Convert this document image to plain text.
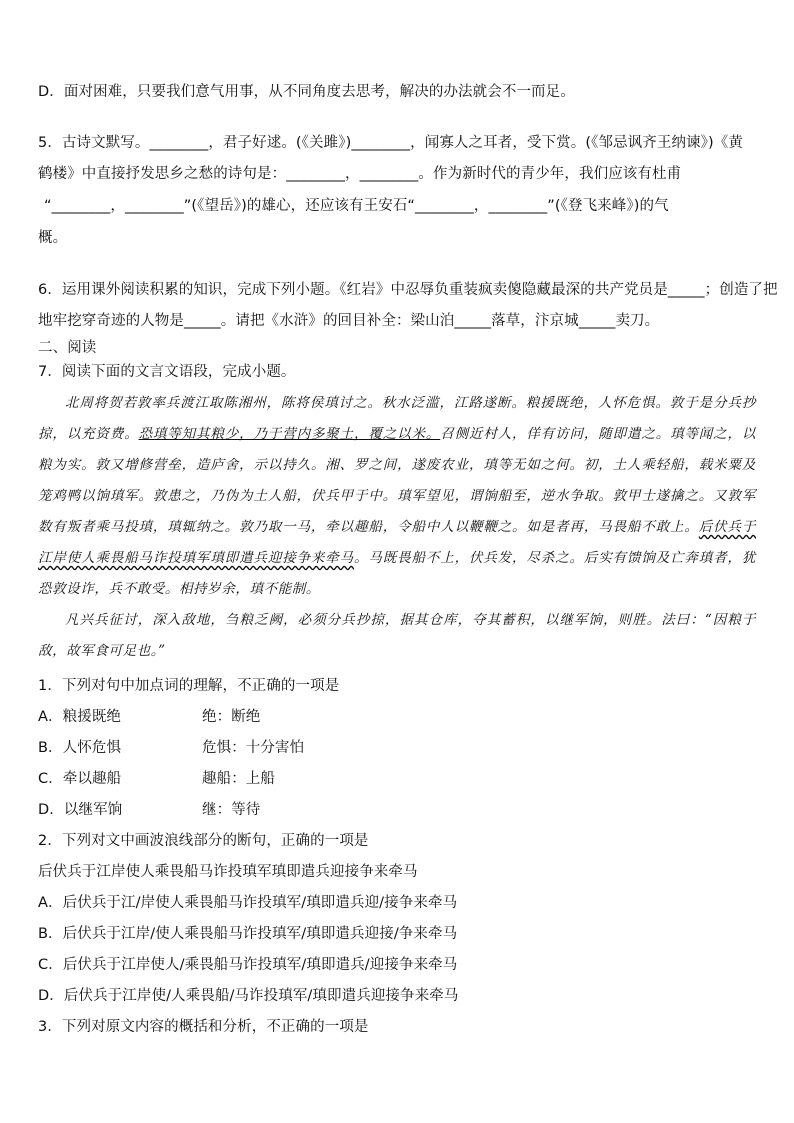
D．面对困难，只要我们意气用事，从不同角度去思考，解决的办法就会不一而足。
5．古诗文默写。________，君子好逑。(《关雎》)________，闻寡人之耳者，受下赏。(《邹忌讽齐王纳谏》)《黄
鹤楼》中直接抒发思乡之愁的诗句是：________，________。作为新时代的青少年，我们应该有杜甫
“________，________”(《望岳》)的雄心，还应该有王安石“________，________”(《登飞来峰》)的气
概。
6．运用课外阅读积累的知识，完成下列小题。《红岩》中忍辱负重装疯卖傻隐藏最深的共产党员是_____；创造了把
地牢挖穿奇迹的人物是_____。请把《水浒》的回目补全：梁山泊_____落草，汴京城_____卖刀。
二、阅读
7．阅读下面的文言文语段，完成小题。

北周将贺若敦率兵渡江取陈湘州，陈将侯瑱讨之。秋水泛滥，江路遂断。粮援既绝，人怀危惧。敦于是分兵抄掠，以充资费。恐瑱等知其粮少，乃于营内多聚土，覆之以米。召侧近村人，佯有访问，随即遣之。瑱等闻之，以粮为实。敦又增修营垒，造庐舍，示以持久。湘、罗之间，遂废农业，瑱等无如之何。初，土人乘轻船，载米粟及笼鸡鸭以饷瑱军。敦患之，乃伪为土人船，伏兵甲于中。瑱军望见，谓饷船至，逆水争取。敦甲士遂擒之。又敦军数有叛者乘马投瑱，瑱辄纳之。敦乃取一马，牵以趣船，令船中人以鞭鞭之。如是者再，马畏船不敢上。后伏兵于江岸使人乘畏船马诈投瑱军瑱即遣兵迎接争来牵马。马既畏船不上，伏兵发，尽杀之。后实有馈饷及亡奔瑱者，犹恐敦设诈，兵不敢受。相持岁余，瑱不能制。

凡兴兵征讨，深入敌地，刍粮乏阙，必须分兵抄掠，据其仓库，夺其蓄积，以继军饷，则胜。法曰：“因粮于敌，故军食可足也。”

1．下列对句中加点词的理解，不正确的一项是
A．粮援既绝	绝：断绝
B．人怀危惧	危惧：十分害怕
C．牵以趣船	趣船：上船
D．以继军饷	继：等待
2．下列对文中画波浪线部分的断句，正确的一项是
后伏兵于江岸使人乘畏船马诈投瑱军瑱即遣兵迎接争来牵马
A．后伏兵于江/岸使人乘畏船马诈投瑱军/瑱即遣兵迎/接争来牵马
B．后伏兵于江岸/使人乘畏船马诈投瑱军/瑱即遣兵迎接/争来牵马
C．后伏兵于江岸使人/乘畏船马诈投瑱军/瑱即遣兵/迎接争来牵马
D．后伏兵于江岸使/人乘畏船/马诈投瑱军/瑱即遣兵迎接争来牵马
3．下列对原文内容的概括和分析，不正确的一项是
